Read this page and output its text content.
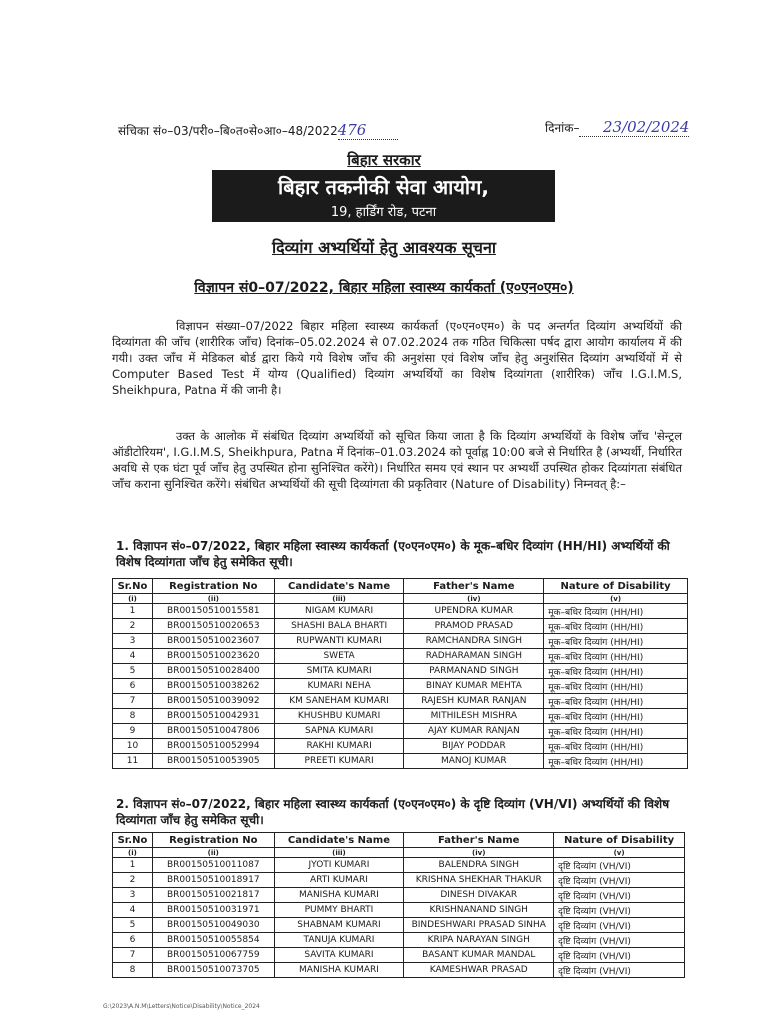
संचिका सं०–03/परी०–बि०त०से०आ०–48/2022476	दिनांक– 23/02/2024
बिहार सरकार
बिहार तकनीकी सेवा आयोग,
19, हार्डिंग रोड, पटना
दिव्यांग अभ्यर्थियों हेतु आवश्यक सूचना
विज्ञापन सं0–07/2022, बिहार महिला स्वास्थ्य कार्यकर्ता (ए०एन०एम०)

विज्ञापन संख्या–07/2022 बिहार महिला स्वास्थ्य कार्यकर्ता (ए०एन०एम०) के पद अन्तर्गत दिव्यांग अभ्यर्थियों की दिव्यांगता की जाँच (शारीरिक जाँच) दिनांक–05.02.2024 से 07.02.2024 तक गठित चिकित्सा पर्षद द्वारा आयोग कार्यालय में की गयी। उक्त जाँच में मेडिकल बोर्ड द्वारा किये गये विशेष जाँच की अनुशंसा एवं विशेष जाँच हेतु अनुशंसित दिव्यांग अभ्यर्थियों में से Computer Based Test में योग्य (Qualified) दिव्यांग अभ्यर्थियों का विशेष दिव्यांगता (शारीरिक) जाँच I.G.I.M.S, Sheikhpura, Patna में की जानी है।

उक्त के आलोक में संबंधित दिव्यांग अभ्यर्थियों को सूचित किया जाता है कि दिव्यांग अभ्यर्थियों के विशेष जाँच 'सेन्ट्रल ऑडीटोरियम', I.G.I.M.S, Sheikhpura, Patna में दिनांक–01.03.2024 को पूर्वाह्न 10:00 बजे से निर्धारित है (अभ्यर्थी, निर्धारित अवधि से एक घंटा पूर्व जाँच हेतु उपस्थित होना सुनिश्चित करेंगे)। निर्धारित समय एवं स्थान पर अभ्यर्थी उपस्थित होकर दिव्यांगता संबंधित जाँच कराना सुनिश्चित करेंगे। संबंधित अभ्यर्थियों की सूची दिव्यांगता की प्रकृतिवार (Nature of Disability) निम्नवत् है:–

1. विज्ञापन सं०–07/2022, बिहार महिला स्वास्थ्य कार्यकर्ता (ए०एन०एम०) के मूक–बधिर दिव्यांग (HH/HI) अभ्यर्थियों की विशेष दिव्यांगता जाँच हेतु समेकित सूची।
Sr.No	Registration No	Candidate's Name	Father's Name	Nature of Disability
(i)	(ii)	(iii)	(iv)	(v)
1	BR00150510015581	NIGAM KUMARI	UPENDRA KUMAR	मूक–बधिर दिव्यांग (HH/HI)
2	BR00150510020653	SHASHI BALA BHARTI	PRAMOD PRASAD	मूक–बधिर दिव्यांग (HH/HI)
3	BR00150510023607	RUPWANTI KUMARI	RAMCHANDRA SINGH	मूक–बधिर दिव्यांग (HH/HI)
4	BR00150510023620	SWETA	RADHARAMAN SINGH	मूक–बधिर दिव्यांग (HH/HI)
5	BR00150510028400	SMITA KUMARI	PARMANAND SINGH	मूक–बधिर दिव्यांग (HH/HI)
6	BR00150510038262	KUMARI NEHA	BINAY KUMAR MEHTA	मूक–बधिर दिव्यांग (HH/HI)
7	BR00150510039092	KM SANEHAM KUMARI	RAJESH KUMAR RANJAN	मूक–बधिर दिव्यांग (HH/HI)
8	BR00150510042931	KHUSHBU KUMARI	MITHILESH MISHRA	मूक–बधिर दिव्यांग (HH/HI)
9	BR00150510047806	SAPNA KUMARI	AJAY KUMAR RANJAN	मूक–बधिर दिव्यांग (HH/HI)
10	BR00150510052994	RAKHI KUMARI	BIJAY PODDAR	मूक–बधिर दिव्यांग (HH/HI)
11	BR00150510053905	PREETI KUMARI	MANOJ KUMAR	मूक–बधिर दिव्यांग (HH/HI)
2. विज्ञापन सं०–07/2022, बिहार महिला स्वास्थ्य कार्यकर्ता (ए०एन०एम०) के दृष्टि दिव्यांग (VH/VI) अभ्यर्थियों की विशेष दिव्यांगता जाँच हेतु समेकित सूची।
Sr.No	Registration No	Candidate's Name	Father's Name	Nature of Disability
(i)	(ii)	(iii)	(iv)	(v)
1	BR00150510011087	JYOTI KUMARI	BALENDRA SINGH	दृष्टि दिव्यांग (VH/VI)
2	BR00150510018917	ARTI KUMARI	KRISHNA SHEKHAR THAKUR	दृष्टि दिव्यांग (VH/VI)
3	BR00150510021817	MANISHA KUMARI	DINESH DIVAKAR	दृष्टि दिव्यांग (VH/VI)
4	BR00150510031971	PUMMY BHARTI	KRISHNANAND SINGH	दृष्टि दिव्यांग (VH/VI)
5	BR00150510049030	SHABNAM KUMARI	BINDESHWARI PRASAD SINHA	दृष्टि दिव्यांग (VH/VI)
6	BR00150510055854	TANUJA KUMARI	KRIPA NARAYAN SINGH	दृष्टि दिव्यांग (VH/VI)
7	BR00150510067759	SAVITA KUMARI	BASANT KUMAR MANDAL	दृष्टि दिव्यांग (VH/VI)
8	BR00150510073705	MANISHA KUMARI	KAMESHWAR PRASAD	दृष्टि दिव्यांग (VH/VI)
G:\2023\A.N.M\Letters\Notice\Disability\Notice_2024
